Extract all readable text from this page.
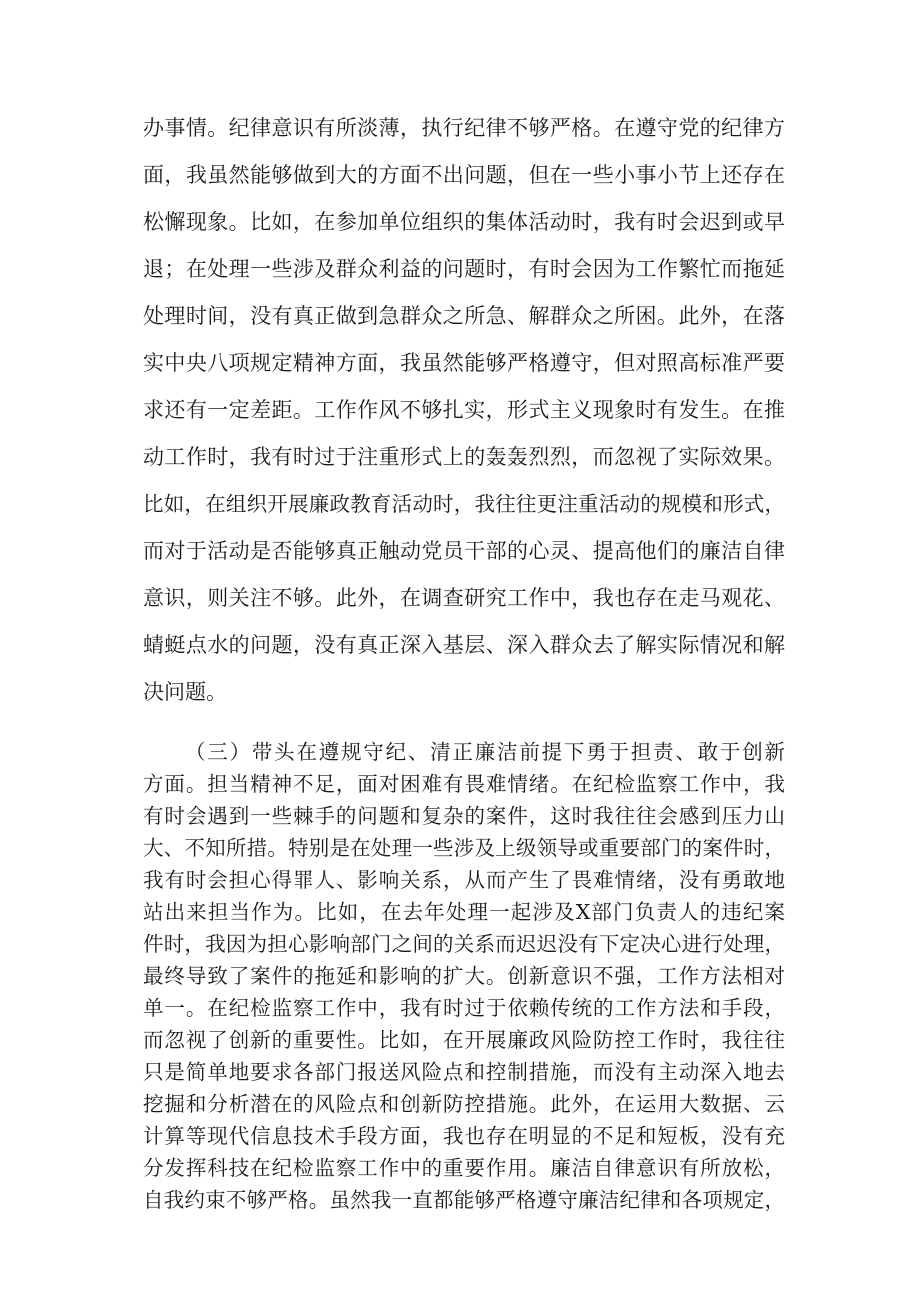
办事情。纪律意识有所淡薄，执行纪律不够严格。在遵守党的纪律方

面，我虽然能够做到大的方面不出问题，但在一些小事小节上还存在

松懈现象。比如，在参加单位组织的集体活动时，我有时会迟到或早

退；在处理一些涉及群众利益的问题时，有时会因为工作繁忙而拖延

处理时间，没有真正做到急群众之所急、解群众之所困。此外，在落

实中央八项规定精神方面，我虽然能够严格遵守，但对照高标准严要

求还有一定差距。工作作风不够扎实，形式主义现象时有发生。在推

动工作时，我有时过于注重形式上的轰轰烈烈，而忽视了实际效果。

比如，在组织开展廉政教育活动时，我往往更注重活动的规模和形式，

而对于活动是否能够真正触动党员干部的心灵、提高他们的廉洁自律

意识，则关注不够。此外，在调查研究工作中，我也存在走马观花、

蜻蜓点水的问题，没有真正深入基层、深入群众去了解实际情况和解

决问题。

（三）带头在遵规守纪、清正廉洁前提下勇于担责、敢于创新

方面。担当精神不足，面对困难有畏难情绪。在纪检监察工作中，我

有时会遇到一些棘手的问题和复杂的案件，这时我往往会感到压力山

大、不知所措。特别是在处理一些涉及上级领导或重要部门的案件时，

我有时会担心得罪人、影响关系，从而产生了畏难情绪，没有勇敢地

站出来担当作为。比如，在去年处理一起涉及X部门负责人的违纪案

件时，我因为担心影响部门之间的关系而迟迟没有下定决心进行处理，

最终导致了案件的拖延和影响的扩大。创新意识不强，工作方法相对

单一。在纪检监察工作中，我有时过于依赖传统的工作方法和手段，

而忽视了创新的重要性。比如，在开展廉政风险防控工作时，我往往

只是简单地要求各部门报送风险点和控制措施，而没有主动深入地去

挖掘和分析潜在的风险点和创新防控措施。此外，在运用大数据、云

计算等现代信息技术手段方面，我也存在明显的不足和短板，没有充

分发挥科技在纪检监察工作中的重要作用。廉洁自律意识有所放松，

自我约束不够严格。虽然我一直都能够严格遵守廉洁纪律和各项规定，
